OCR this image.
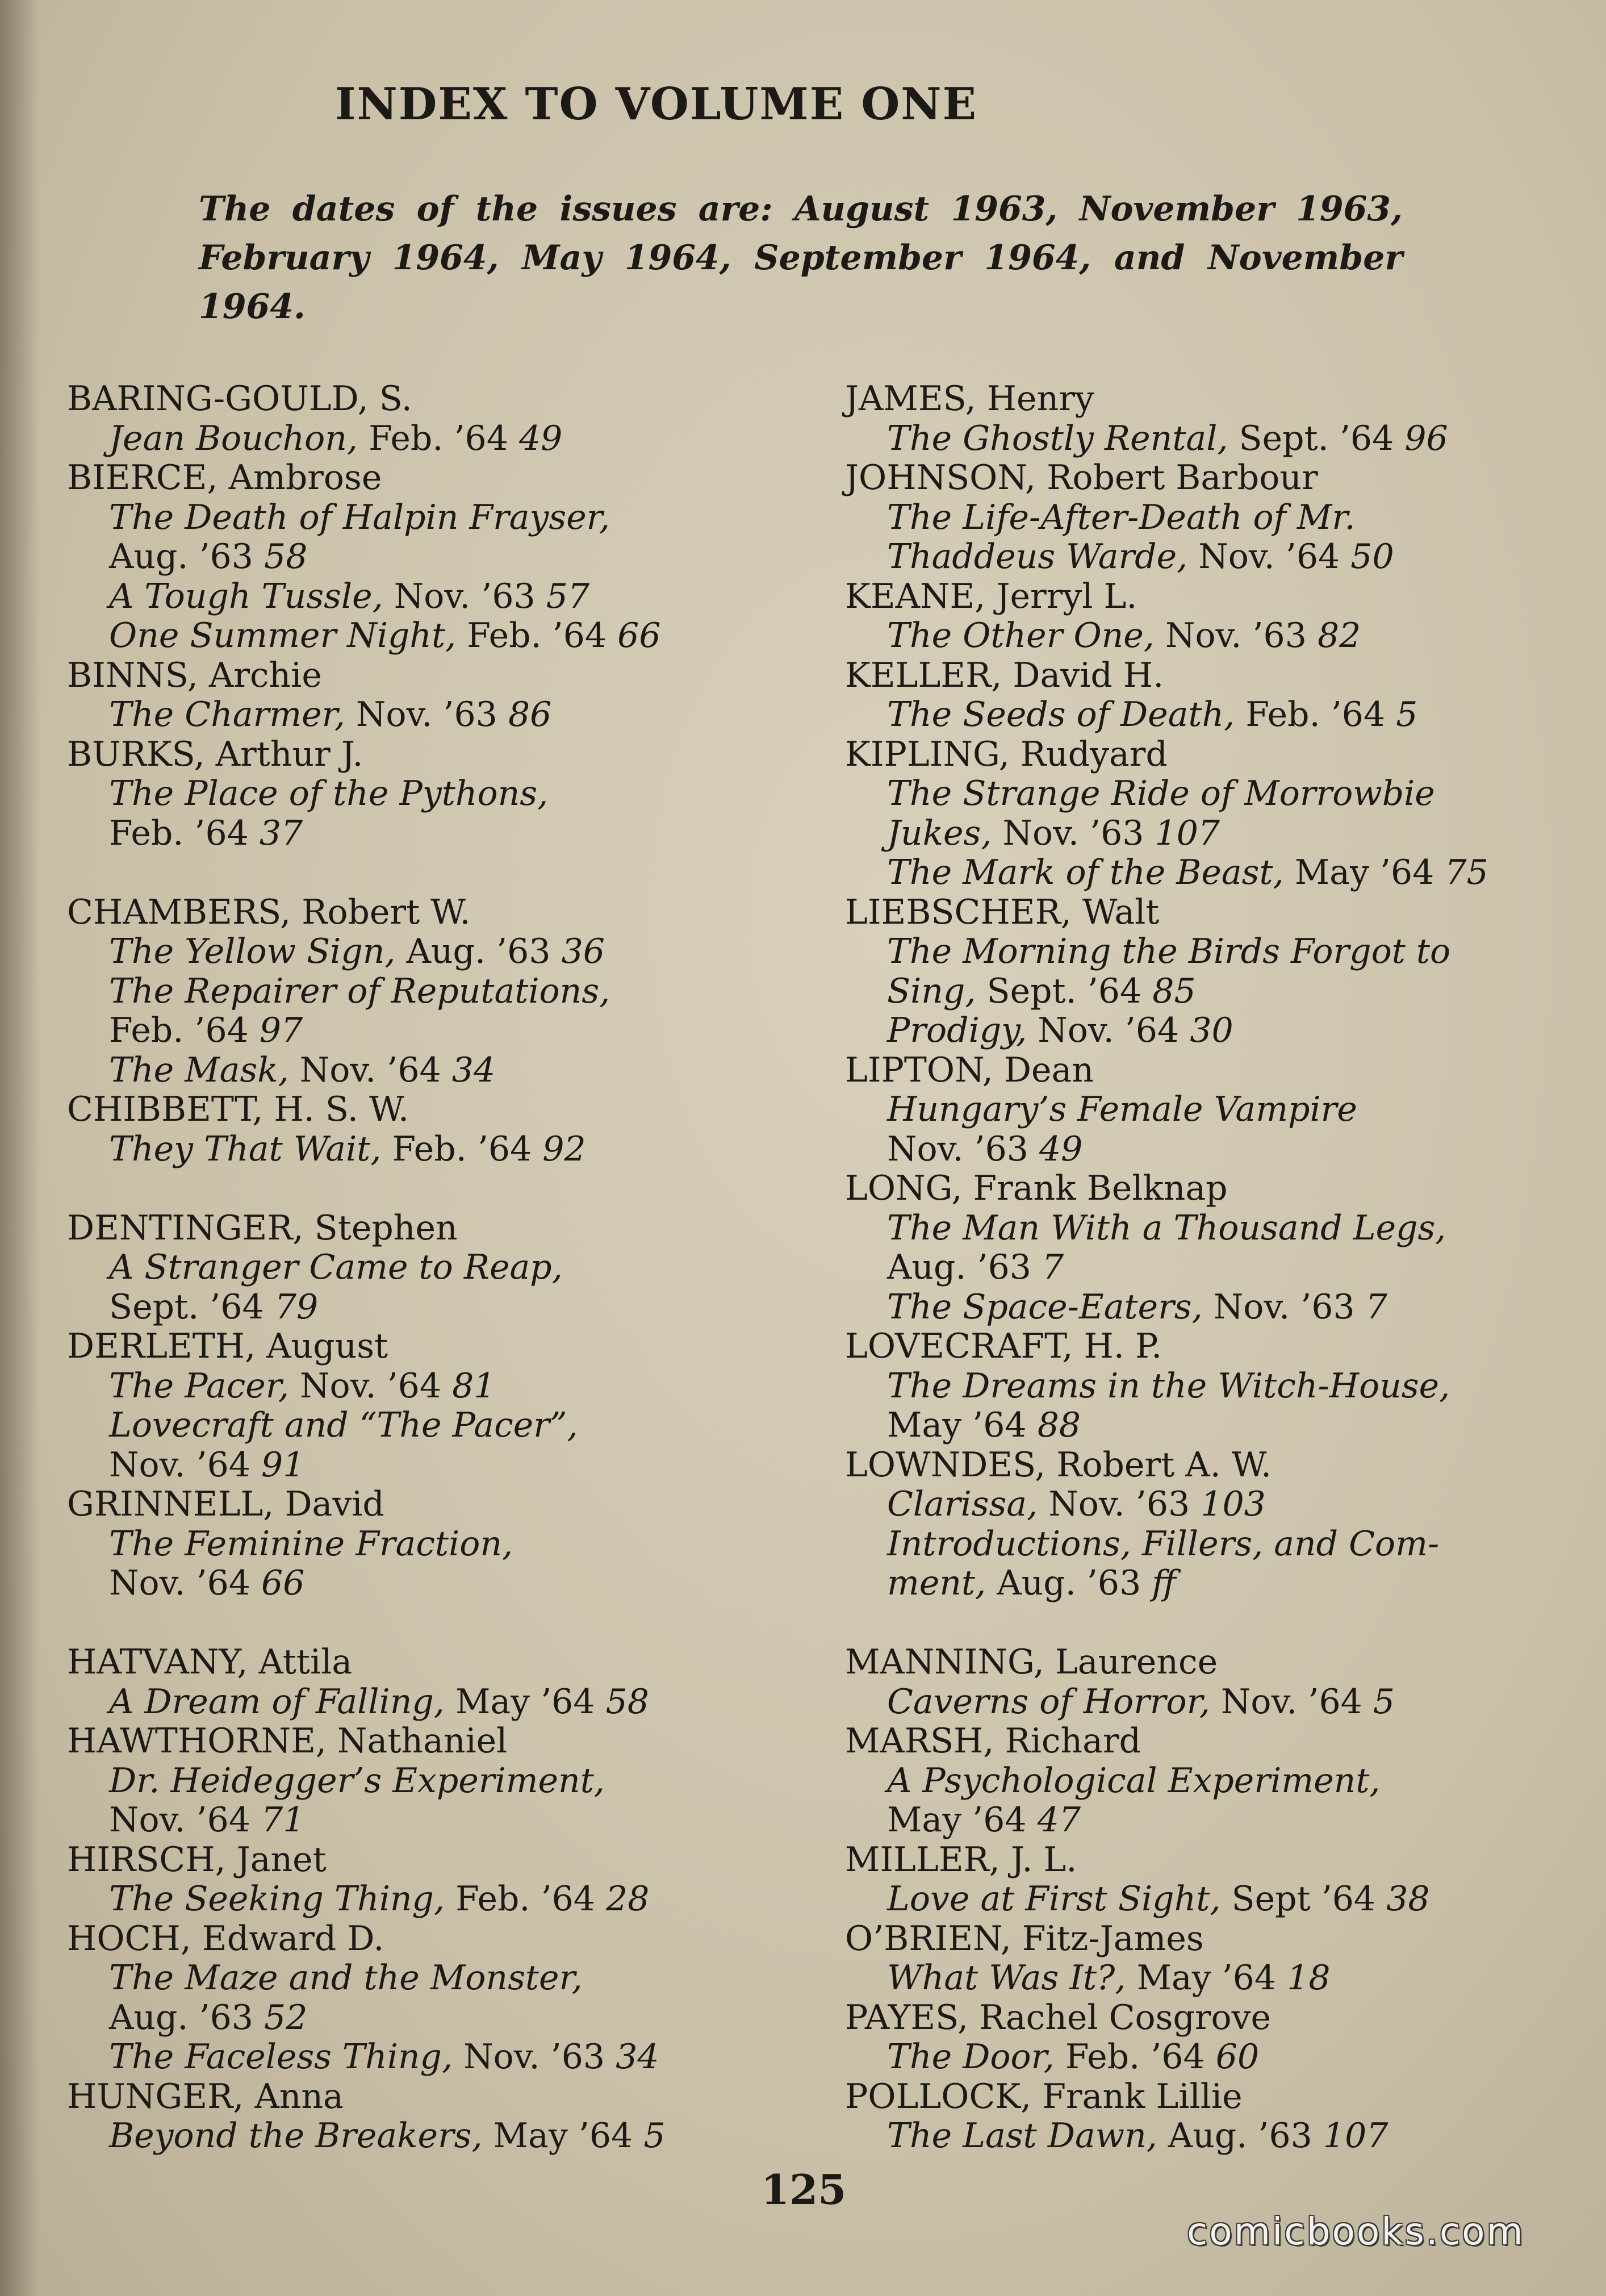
INDEX TO VOLUME ONE
The dates of the issues are: August 1963, November 1963, February 1964, May 1964, September 1964, and November 1964.
BARING-GOULD, S.
Jean Bouchon, Feb. ’64 49
BIERCE, Ambrose
The Death of Halpin Frayser,
Aug. ’63 58
A Tough Tussle, Nov. ’63 57
One Summer Night, Feb. ’64 66
BINNS, Archie
The Charmer, Nov. ’63 86
BURKS, Arthur J.
The Place of the Pythons,
Feb. ’64 37
CHAMBERS, Robert W.
The Yellow Sign, Aug. ’63 36
The Repairer of Reputations,
Feb. ’64 97
The Mask, Nov. ’64 34
CHIBBETT, H. S. W.
They That Wait, Feb. ’64 92
DENTINGER, Stephen
A Stranger Came to Reap,
Sept. ’64 79
DERLETH, August
The Pacer, Nov. ’64 81
Lovecraft and “The Pacer”,
Nov. ’64 91
GRINNELL, David
The Feminine Fraction,
Nov. ’64 66
HATVANY, Attila
A Dream of Falling, May ’64 58
HAWTHORNE, Nathaniel
Dr. Heidegger’s Experiment,
Nov. ’64 71
HIRSCH, Janet
The Seeking Thing, Feb. ’64 28
HOCH, Edward D.
The Maze and the Monster,
Aug. ’63 52
The Faceless Thing, Nov. ’63 34
HUNGER, Anna
Beyond the Breakers, May ’64 5
JAMES, Henry
The Ghostly Rental, Sept. ’64 96
JOHNSON, Robert Barbour
The Life-After-Death of Mr.
Thaddeus Warde, Nov. ’64 50
KEANE, Jerryl L.
The Other One, Nov. ’63 82
KELLER, David H.
The Seeds of Death, Feb. ’64 5
KIPLING, Rudyard
The Strange Ride of Morrowbie
Jukes, Nov. ’63 107
The Mark of the Beast, May ’64 75
LIEBSCHER, Walt
The Morning the Birds Forgot to
Sing, Sept. ’64 85
Prodigy, Nov. ’64 30
LIPTON, Dean
Hungary’s Female Vampire
Nov. ’63 49
LONG, Frank Belknap
The Man With a Thousand Legs,
Aug. ’63 7
The Space-Eaters, Nov. ’63 7
LOVECRAFT, H. P.
The Dreams in the Witch-House,
May ’64 88
LOWNDES, Robert A. W.
Clarissa, Nov. ’63 103
Introductions, Fillers, and Com-
ment, Aug. ’63 ff
MANNING, Laurence
Caverns of Horror, Nov. ’64 5
MARSH, Richard
A Psychological Experiment,
May ’64 47
MILLER, J. L.
Love at First Sight, Sept ’64 38
O’BRIEN, Fitz-James
What Was It?, May ’64 18
PAYES, Rachel Cosgrove
The Door, Feb. ’64 60
POLLOCK, Frank Lillie
The Last Dawn, Aug. ’63 107
125
comicbooks.com
